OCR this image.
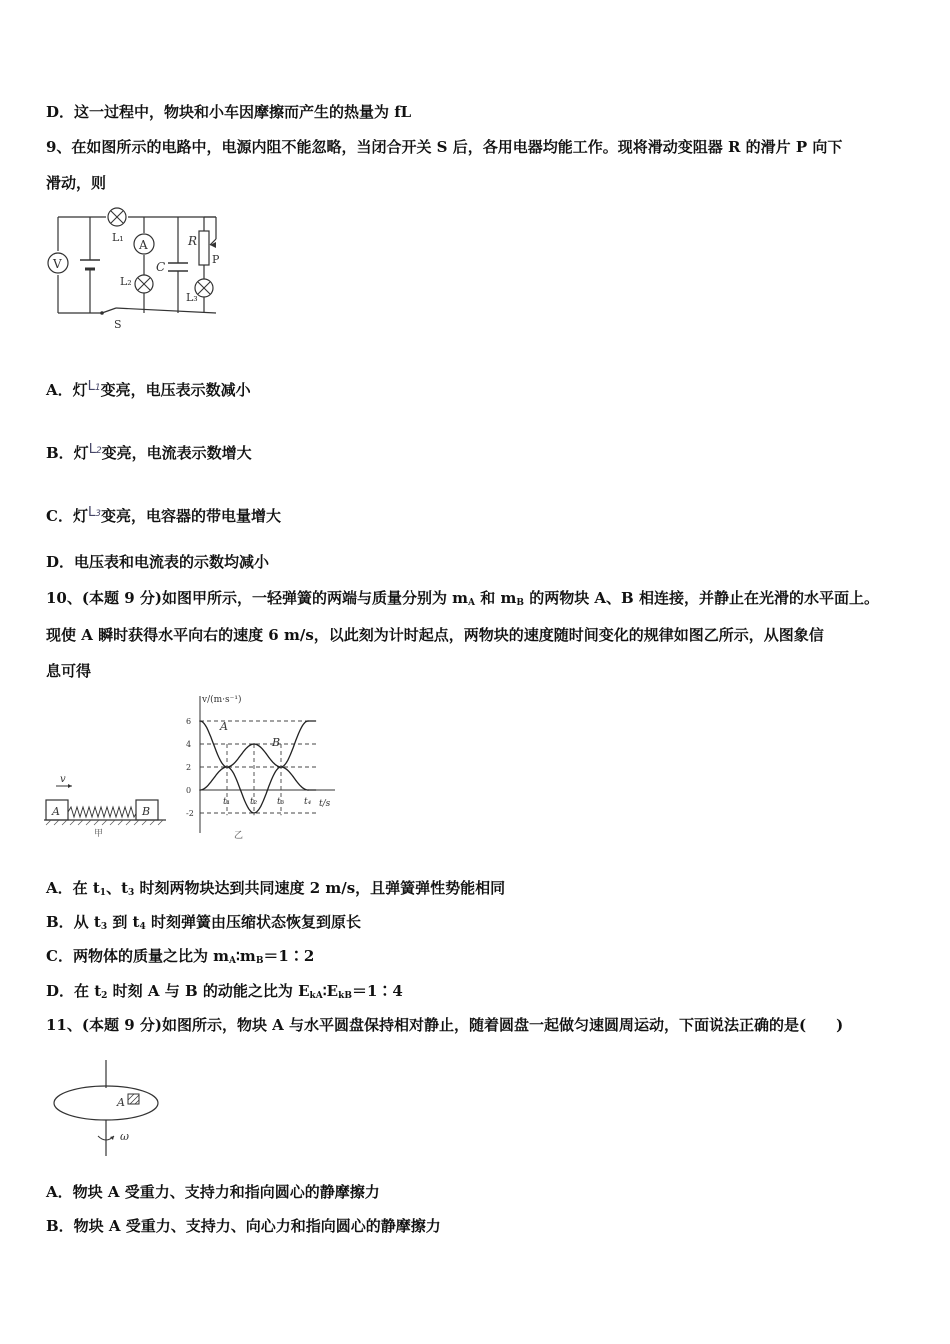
D．这一过程中，物块和小车因摩擦而产生的热量为 fL
9、在如图所示的电路中，电源内阻不能忽略，当闭合开关 S 后，各用电器均能工作。现将滑动变阻器 R 的滑片 P 向下
滑动，则
V
L₁
A
L₂
C
R
P
L₃
S
A．灯L1变亮，电压表示数减小
B．灯L2变亮，电流表示数增大
C．灯L3变亮，电容器的带电量增大
D．电压表和电流表的示数均减小
10、(本题 9 分)如图甲所示，一轻弹簧的两端与质量分别为 $m_A$ 和 $m_B$ 的两物块 A、B 相连接，并静止在光滑的水平面上。
现使 A 瞬时获得水平向右的速度 6 m/s，以此刻为计时起点，两物块的速度随时间变化的规律如图乙所示，从图象信
息可得
v
A	B
甲
v/(m·s⁻¹)
t/s
6
4
2
0
-2
t₁ t₂ t₃ t₄
A
B
乙
A．在 $t_1$、$t_3$ 时刻两物块达到共同速度 2 m/s，且弹簧弹性势能相同
B．从 $t_3$ 到 $t_4$ 时刻弹簧由压缩状态恢复到原长
C．两物体的质量之比为 $m_A∶m_B=1∶2$
D．在 $t_2$ 时刻 A 与 B 的动能之比为 $E_{kA}∶E_{kB}=1∶4$
11、(本题 9 分)如图所示，物块 A 与水平圆盘保持相对静止，随着圆盘一起做匀速圆周运动，下面说法正确的是(　　)
A
ω
A．物块 A 受重力、支持力和指向圆心的静摩擦力
B．物块 A 受重力、支持力、向心力和指向圆心的静摩擦力
